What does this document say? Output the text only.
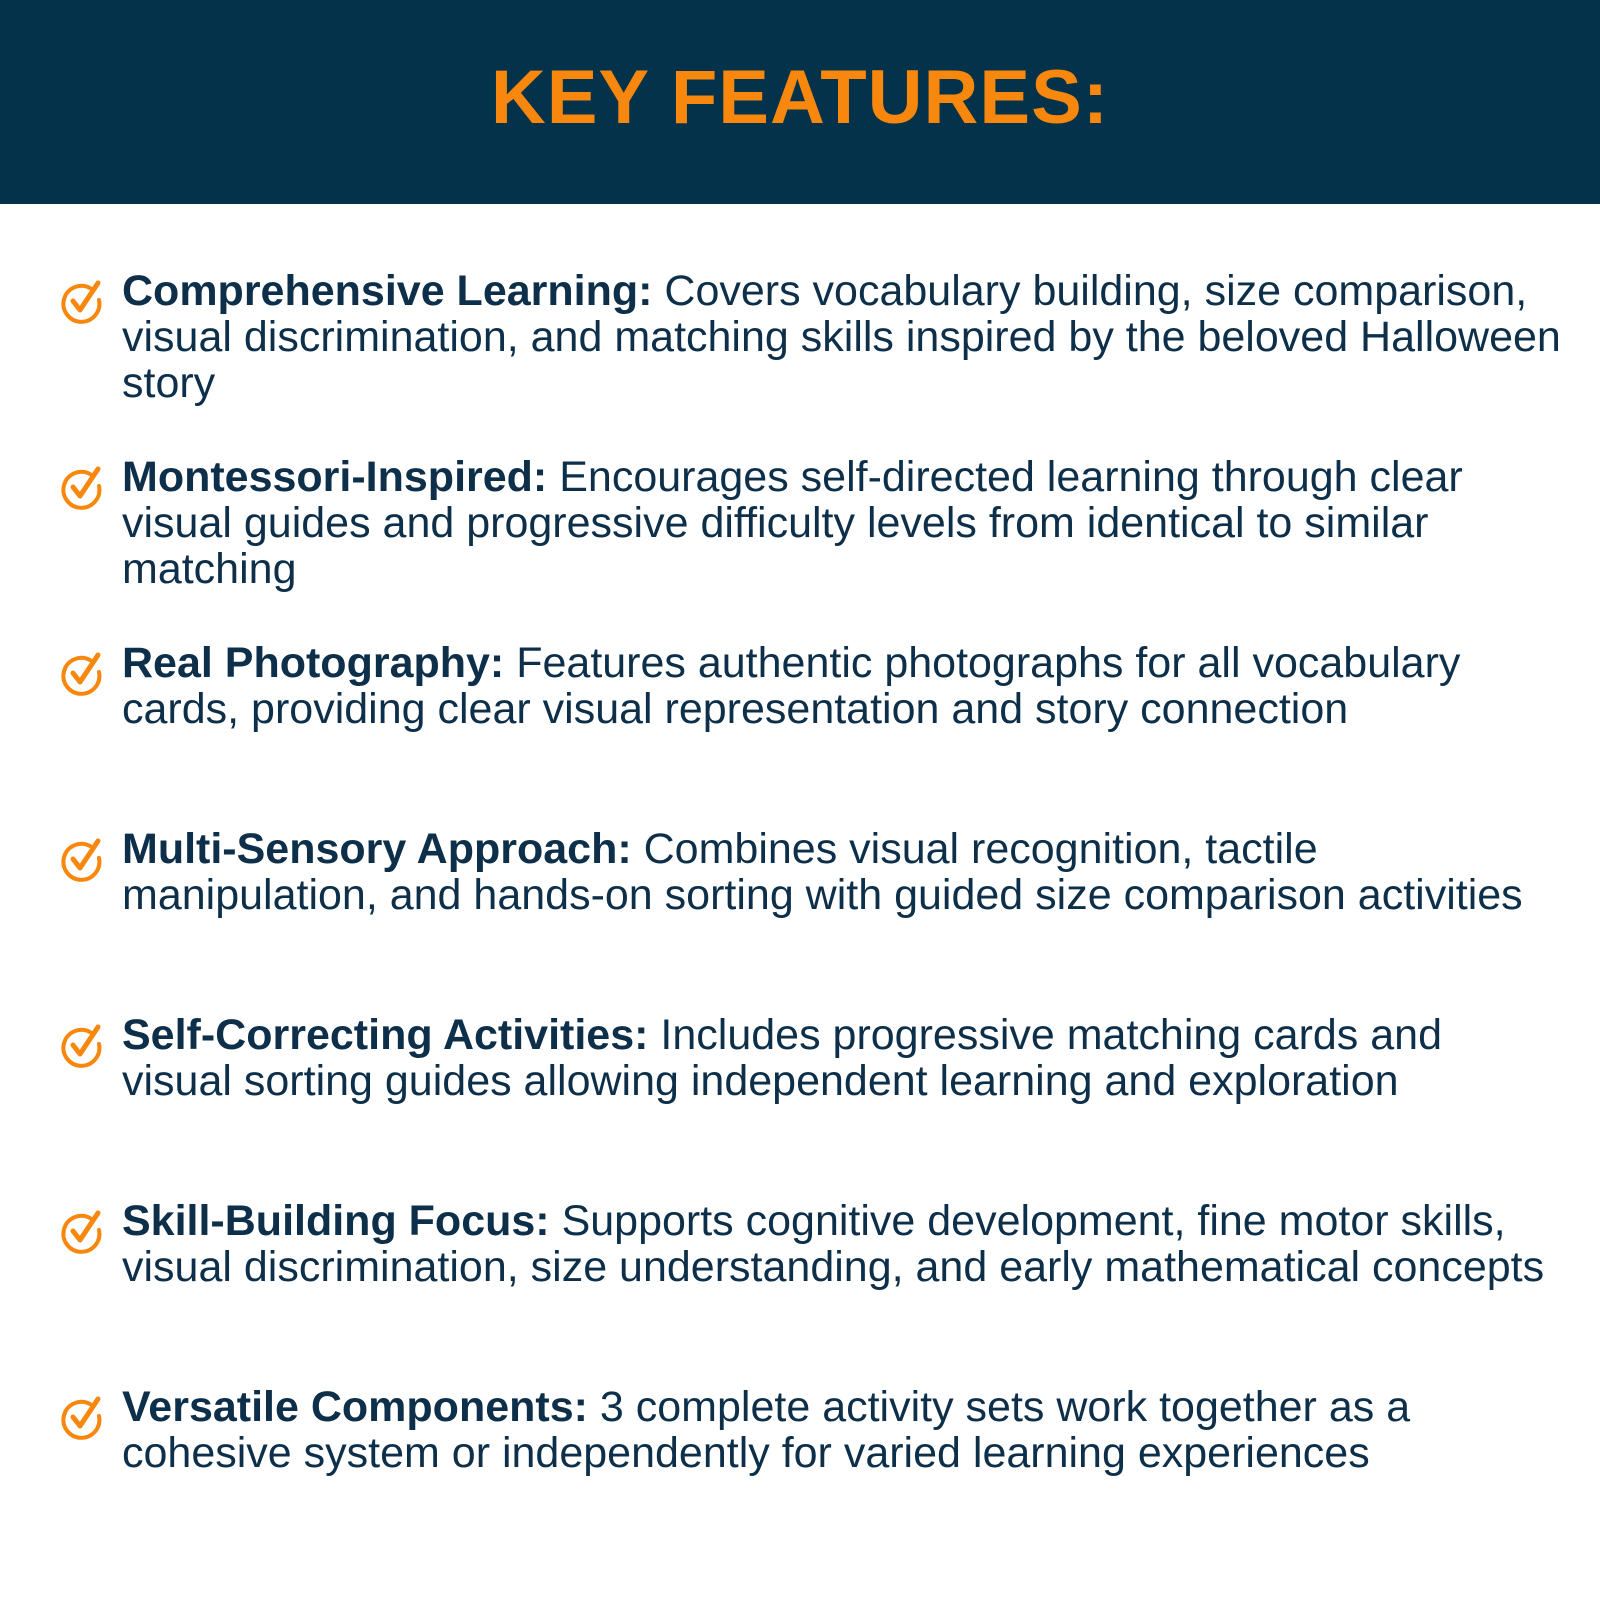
KEY FEATURES:
Comprehensive Learning: Covers vocabulary building, size comparison, visual discrimination, and matching skills inspired by the beloved Halloween story
Montessori-Inspired: Encourages self-directed learning through clear visual guides and progressive difficulty levels from identical to similar matching
Real Photography: Features authentic photographs for all vocabulary cards, providing clear visual representation and story connection
Multi-Sensory Approach: Combines visual recognition, tactile manipulation, and hands-on sorting with guided size comparison activities
Self-Correcting Activities: Includes progressive matching cards and visual sorting guides allowing independent learning and exploration
Skill-Building Focus: Supports cognitive development, fine motor skills, visual discrimination, size understanding, and early mathematical concepts
Versatile Components: 3 complete activity sets work together as a cohesive system or independently for varied learning experiences
